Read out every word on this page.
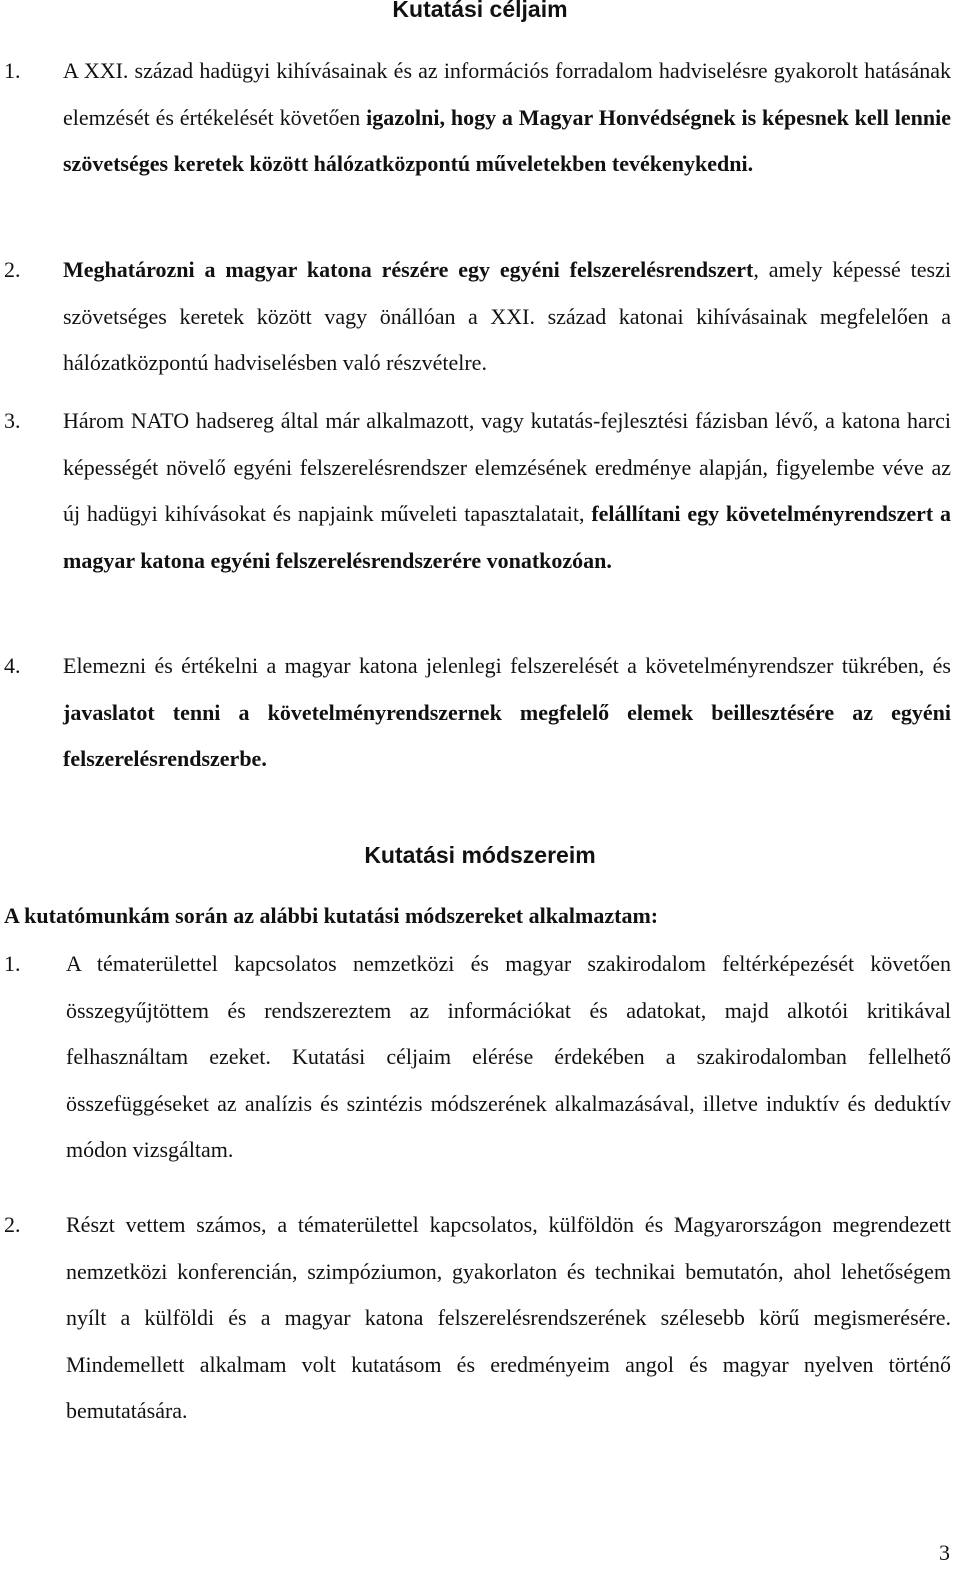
Kutatási céljaim
1. A XXI. század hadügyi kihívásainak és az információs forradalom hadviselésre gyakorolt hatásának elemzését és értékelését követően igazolni, hogy a Magyar Honvédségnek is képesnek kell lennie szövetséges keretek között hálózatközpontú műveletekben tevékenykedni.
2. Meghatározni a magyar katona részére egy egyéni felszerelésrendszert, amely képessé teszi szövetséges keretek között vagy önállóan a XXI. század katonai kihívásainak megfelelően a hálózatközpontú hadviselésben való részvételre.
3. Három NATO hadsereg által már alkalmazott, vagy kutatás-fejlesztési fázisban lévő, a katona harci képességét növelő egyéni felszerelésrendszer elemzésének eredménye alapján, figyelembe véve az új hadügyi kihívásokat és napjaink műveleti tapasztalatait, felállítani egy követelményrendszert a magyar katona egyéni felszerelésrendszerére vonatkozóan.
4. Elemezni és értékelni a magyar katona jelenlegi felszerelését a követelményrendszer tükrében, és javaslatot tenni a követelményrendszernek megfelelő elemek beillesztésére az egyéni felszerelésrendszerbe.
Kutatási módszereim
A kutatómunkám során az alábbi kutatási módszereket alkalmaztam:
1. A tématerülettel kapcsolatos nemzetközi és magyar szakirodalom feltérképezését követően összegyűjtöttem és rendszereztem az információkat és adatokat, majd alkotói kritikával felhasználtam ezeket. Kutatási céljaim elérése érdekében a szakirodalomban fellelhető összefüggéseket az analízis és szintézis módszerének alkalmazásával, illetve induktív és deduktív módon vizsgáltam.
2. Részt vettem számos, a tématerülettel kapcsolatos, külföldön és Magyarországon megrendezett nemzetközi konferencián, szimpóziumon, gyakorlaton és technikai bemutatón, ahol lehetőségem nyílt a külföldi és a magyar katona felszerelésrendszerének szélesebb körű megismerésére. Mindemellett alkalmam volt kutatásom és eredményeim angol és magyar nyelven történő bemutatására.
3
